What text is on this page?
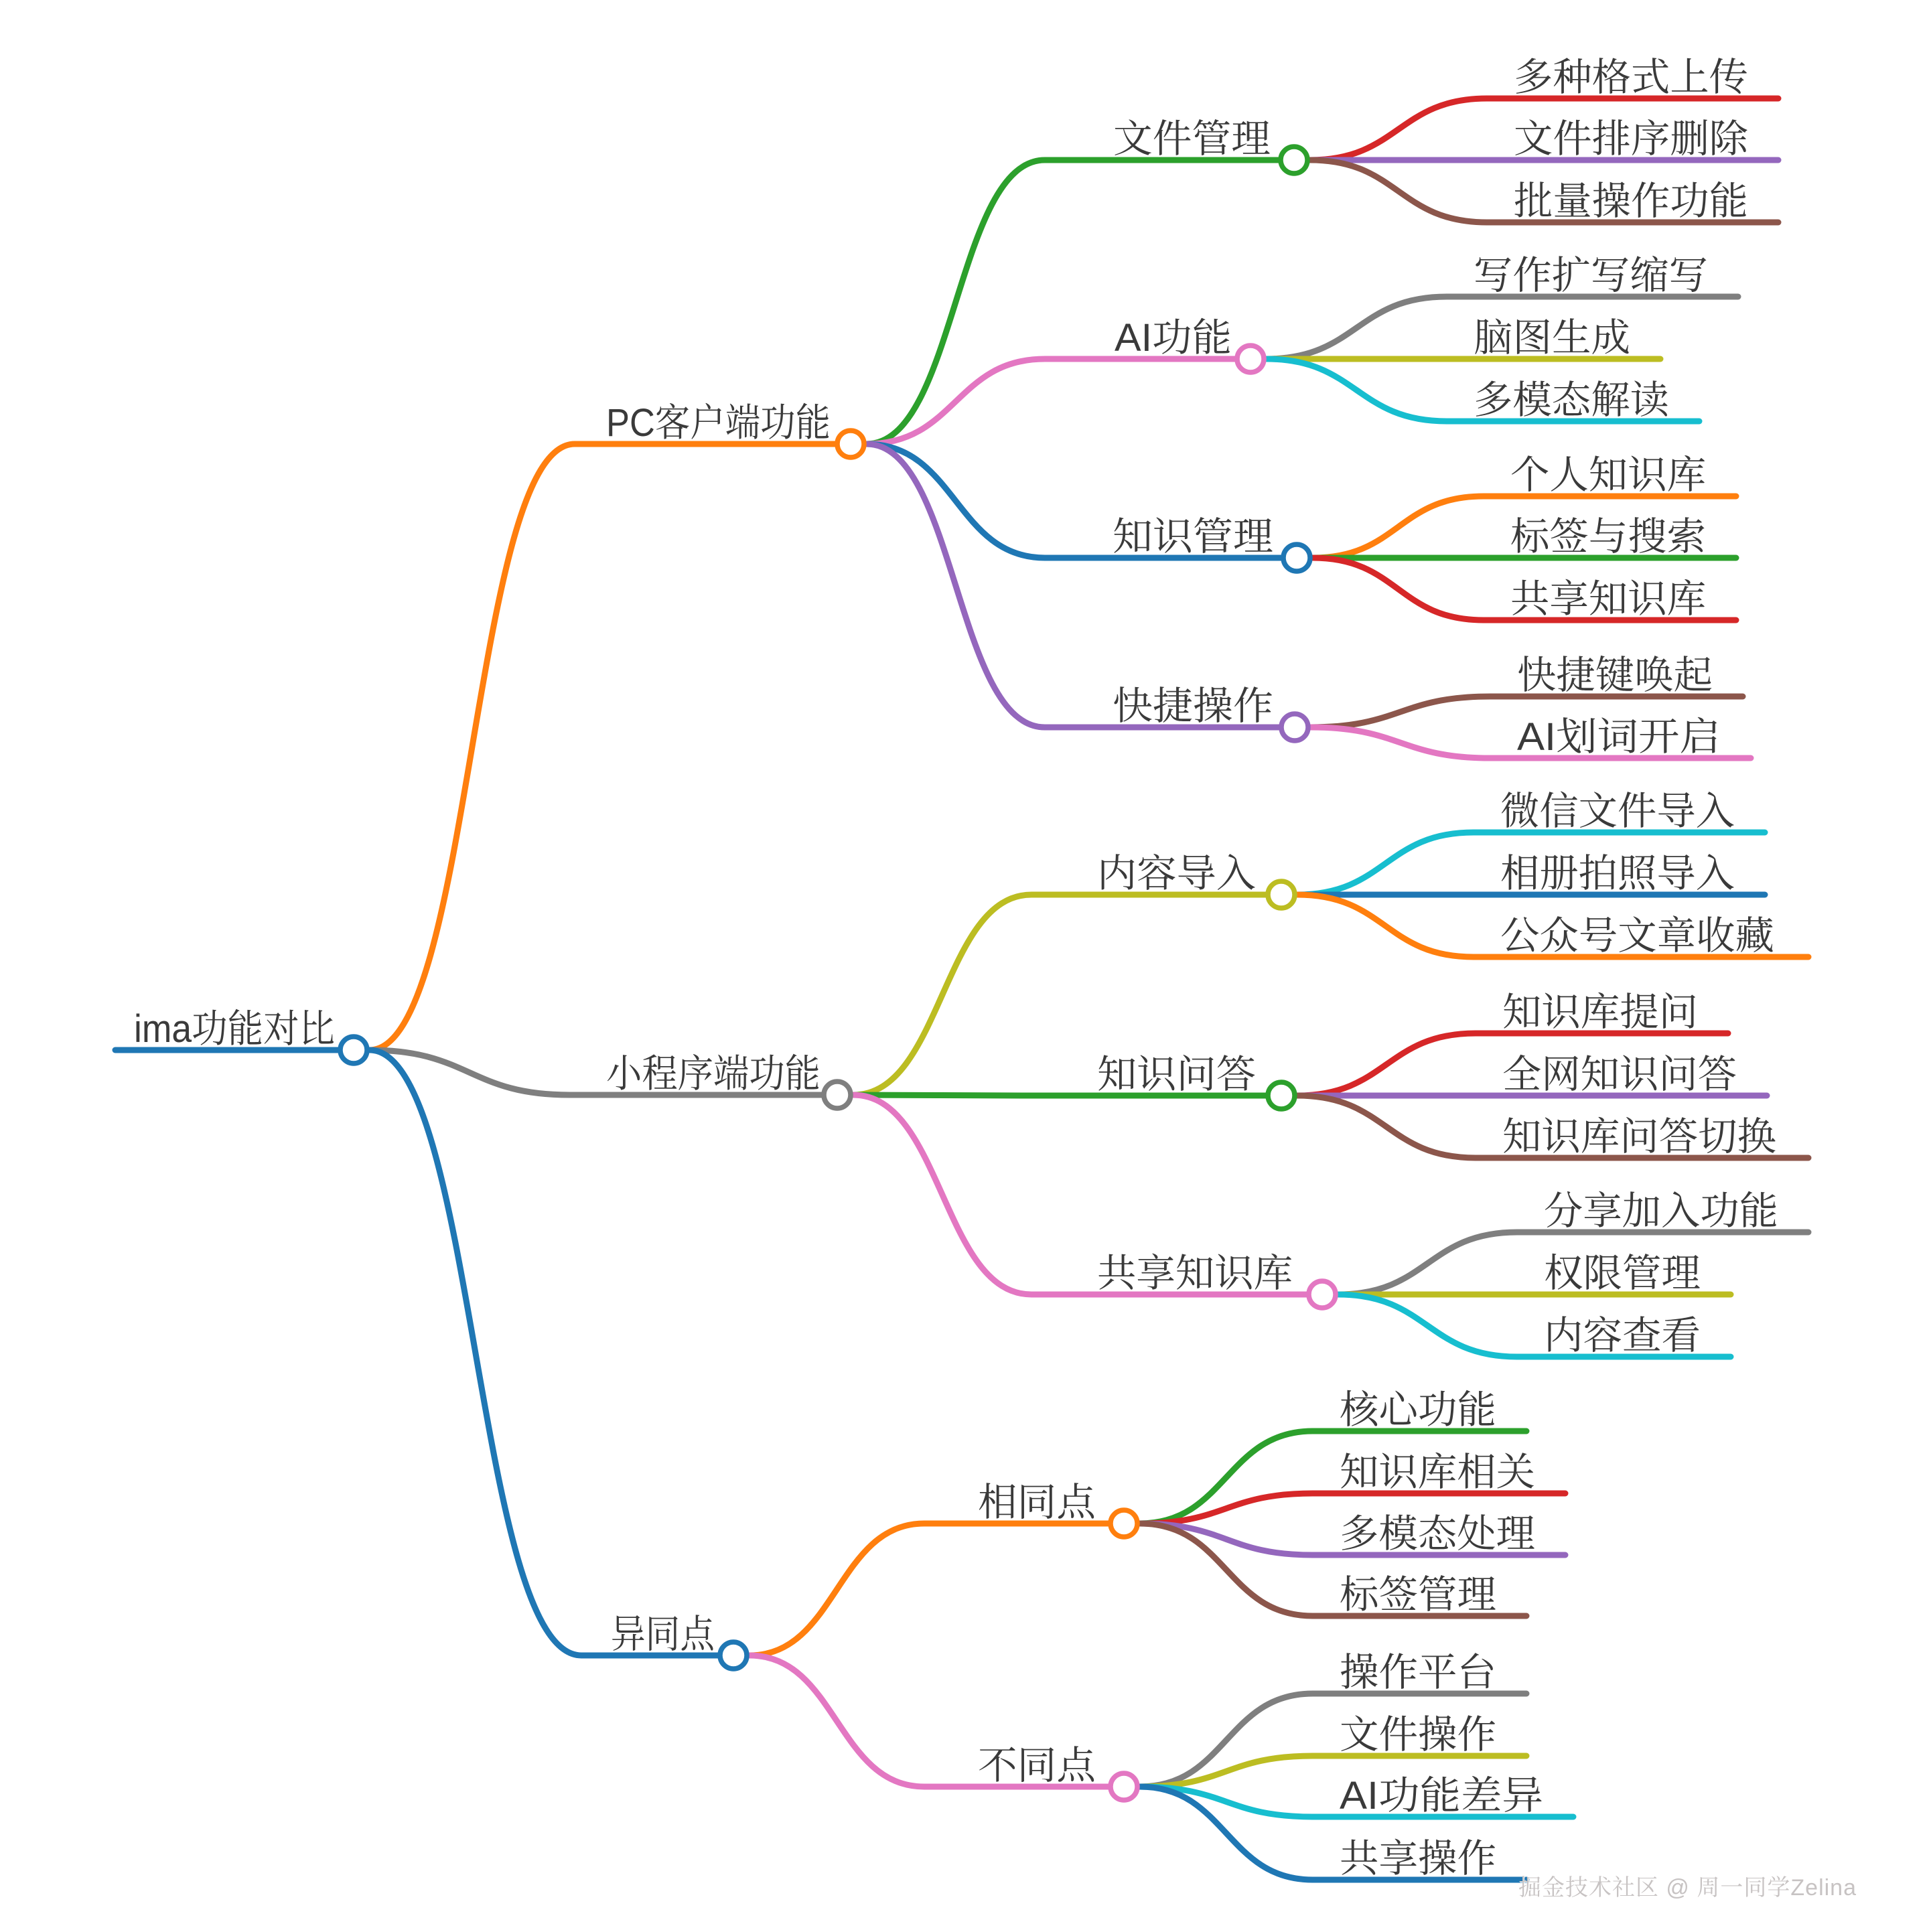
ima功能对比
PC客户端功能
文件管理
多种格式上传
文件排序删除
批量操作功能
AI功能
写作扩写缩写
脑图生成
多模态解读
知识管理
个人知识库
标签与搜索
共享知识库
快捷操作
快捷键唤起
AI划词开启
小程序端功能
内容导入
微信文件导入
相册拍照导入
公众号文章收藏
知识问答
知识库提问
全网知识问答
知识库问答切换
共享知识库
分享加入功能
权限管理
内容查看
异同点
相同点
核心功能
知识库相关
多模态处理
标签管理
不同点
操作平台
文件操作
AI功能差异
共享操作
掘金技术社区 @ 周一同学Zelina
